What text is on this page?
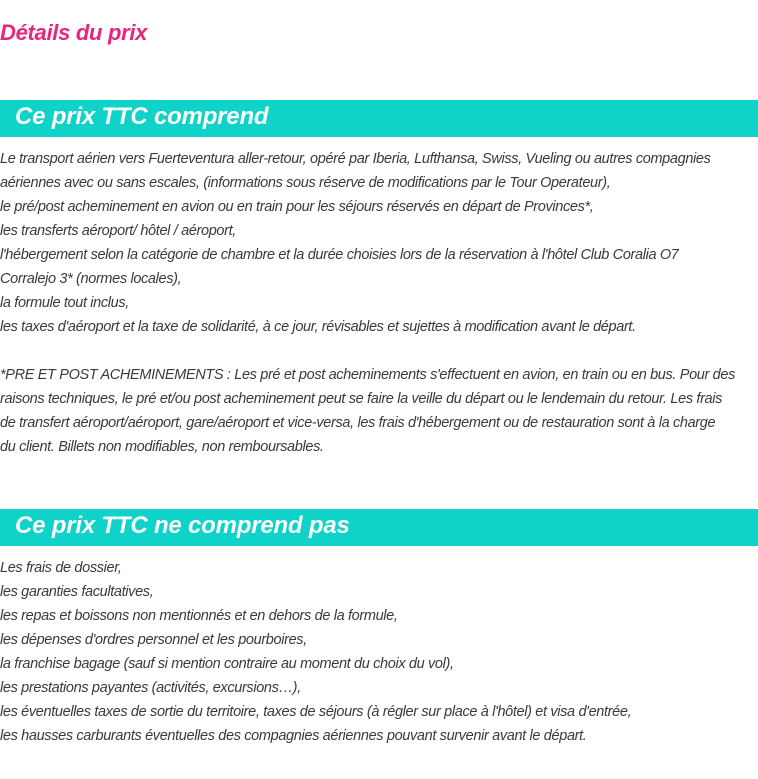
Détails du prix
Ce prix TTC comprend
Le transport aérien vers Fuerteventura aller-retour, opéré par Iberia, Lufthansa, Swiss, Vueling ou autres compagnies
aériennes avec ou sans escales, (informations sous réserve de modifications par le Tour Operateur),
le pré/post acheminement en avion ou en train pour les séjours réservés en départ de Provinces*,
les transferts aéroport/ hôtel / aéroport,
l'hébergement selon la catégorie de chambre et la durée choisies lors de la réservation à l'hôtel Club Coralia O7
Corralejo 3* (normes locales),
la formule tout inclus,
les taxes d'aéroport et la taxe de solidarité, à ce jour, révisables et sujettes à modification avant le départ.
*PRE ET POST ACHEMINEMENTS : Les pré et post acheminements s'effectuent en avion, en train ou en bus. Pour des
raisons techniques, le pré et/ou post acheminement peut se faire la veille du départ ou le lendemain du retour. Les frais
de transfert aéroport/aéroport, gare/aéroport et vice-versa, les frais d'hébergement ou de restauration sont à la charge
du client. Billets non modifiables, non remboursables.
Ce prix TTC ne comprend pas
Les frais de dossier,
les garanties facultatives,
les repas et boissons non mentionnés et en dehors de la formule,
les dépenses d'ordres personnel et les pourboires,
la franchise bagage (sauf si mention contraire au moment du choix du vol),
les prestations payantes (activités, excursions…),
les éventuelles taxes de sortie du territoire, taxes de séjours (à régler sur place à l'hôtel) et visa d'entrée,
les hausses carburants éventuelles des compagnies aériennes pouvant survenir avant le départ.
